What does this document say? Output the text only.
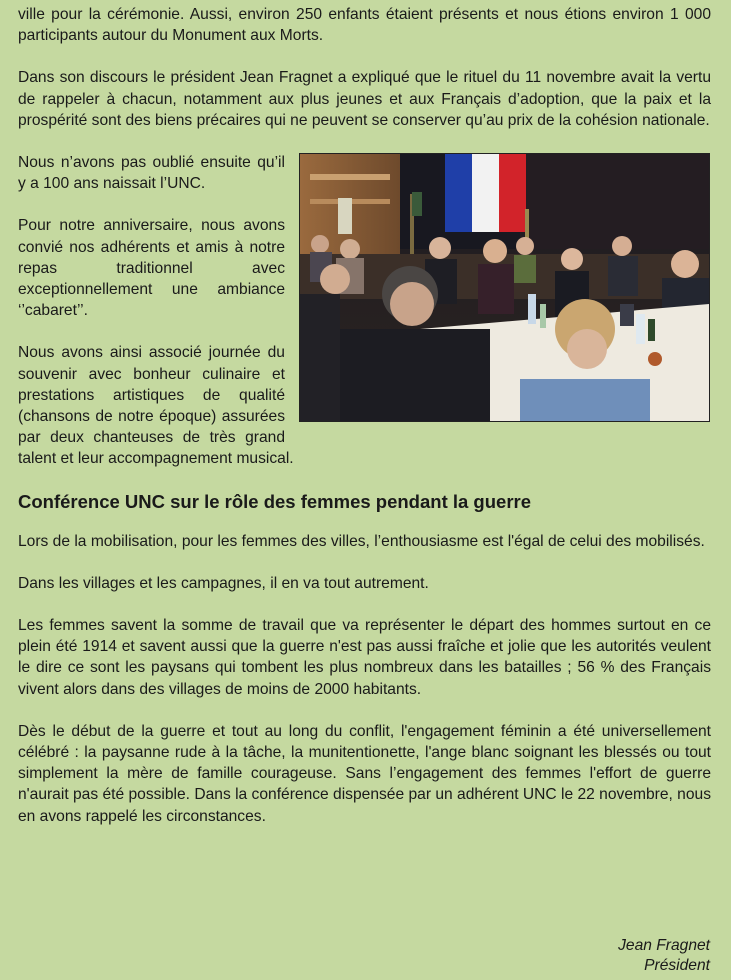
ville pour la cérémonie. Aussi, environ 250 enfants étaient présents et nous étions environ 1 000 participants autour du Monument aux Morts.

Dans son discours le président Jean Fragnet a expliqué que le rituel du 11 novembre avait la vertu de rappeler à chacun, notamment aux plus jeunes et aux Français d’adoption, que la paix et la prospérité sont des biens précaires qui ne peuvent se conserver qu’au prix de la cohésion nationale.

Nous n’avons pas oublié ensuite qu’il y a 100 ans naissait l’UNC.

Pour notre anniversaire, nous avons convié nos adhérents et amis à notre repas traditionnel avec exceptionnellement une ambiance ‘’cabaret’’.

Nous avons ainsi associé journée du souvenir avec bonheur culinaire et prestations artistiques de qualité (chansons de notre époque) assurées par deux chanteuses de très grand talent et leur accompagnement musical.

Conférence UNC sur le rôle des femmes pendant la guerre

Lors de la mobilisation, pour les femmes des villes, l’enthousiasme est l'égal de celui des mobilisés.

Dans les villages et les campagnes, il en va tout autrement.

Les femmes savent la somme de travail que va représenter le départ des hommes surtout en ce plein été 1914 et savent aussi que la guerre n'est pas aussi fraîche et jolie que les autorités veulent le dire ce sont les paysans qui tombent les plus nombreux dans les batailles ; 56 % des Français vivent alors dans des villages de moins de 2000 habitants.

Dès le début de la guerre et tout au long du conflit, l'engagement féminin a été universellement célébré : la paysanne rude à la tâche, la munitentionette, l'ange blanc soignant les blessés ou tout simplement la mère de famille courageuse. Sans l’engagement des femmes l'effort de guerre n'aurait pas été possible. Dans la conférence dispensée par un adhérent UNC le 22 novembre, nous en avons rappelé les circonstances.

Jean Fragnet
Président
